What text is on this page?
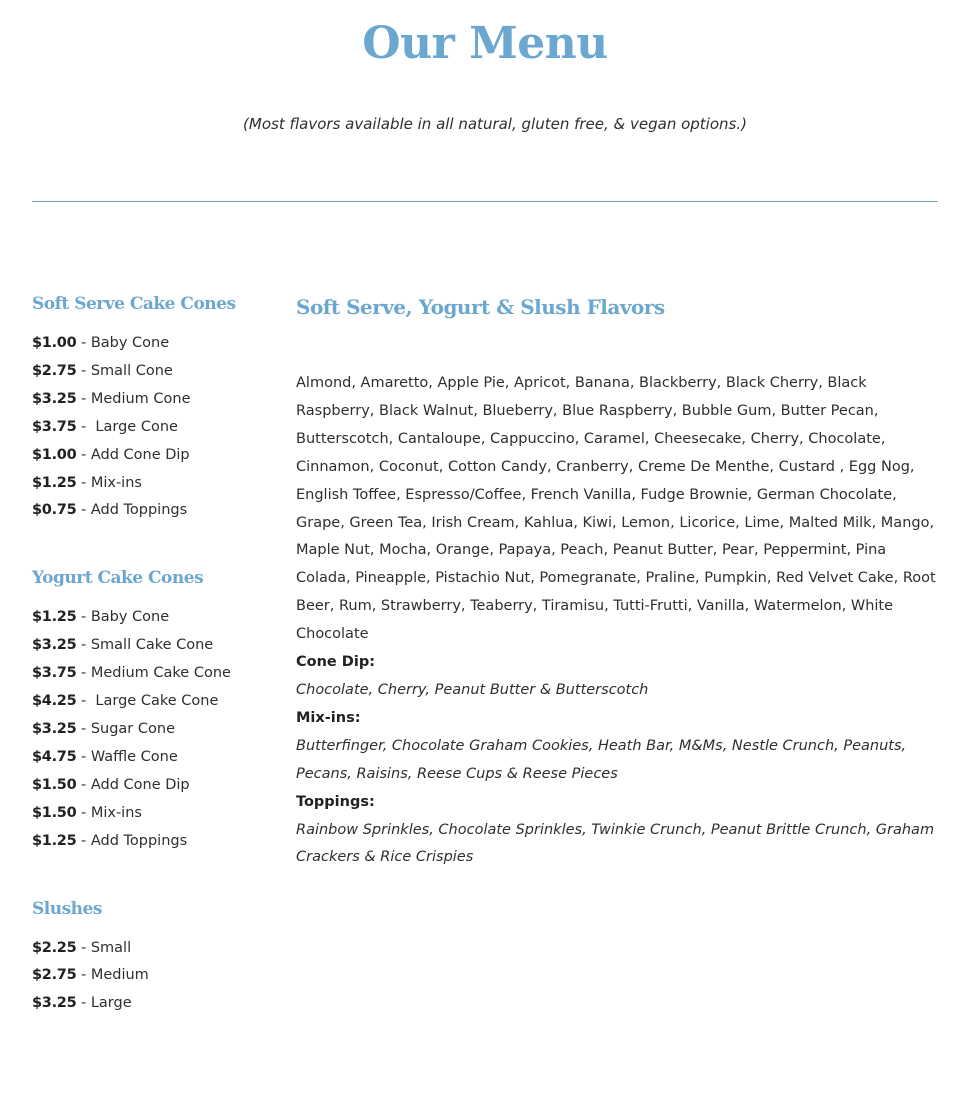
Our Menu

(Most flavors available in all natural, gluten free, & vegan options.)

Soft Serve Cake Cones
$1.00 - Baby Cone
$2.75 - Small Cone
$3.25 - Medium Cone
$3.75 -  Large Cone
$1.00 - Add Cone Dip
$1.25 - Mix-ins
$0.75 - Add Toppings
Yogurt Cake Cones
$1.25 - Baby Cone
$3.25 - Small Cake Cone
$3.75 - Medium Cake Cone
$4.25 -  Large Cake Cone
$3.25 - Sugar Cone
$4.75 - Waffle Cone
$1.50 - Add Cone Dip
$1.50 - Mix-ins
$1.25 - Add Toppings
Slushes
$2.25 - Small
$2.75 - Medium
$3.25 - Large
Soft Serve, Yogurt & Slush Flavors

Almond, Amaretto, Apple Pie, Apricot, Banana, Blackberry, Black Cherry, Black Raspberry, Black Walnut, Blueberry, Blue Raspberry, Bubble Gum, Butter Pecan, Butterscotch, Cantaloupe, Cappuccino, Caramel, Cheesecake, Cherry, Chocolate, Cinnamon, Coconut, Cotton Candy, Cranberry, Creme De Menthe, Custard , Egg Nog, English Toffee, Espresso/Coffee, French Vanilla, Fudge Brownie, German Chocolate, Grape, Green Tea, Irish Cream, Kahlua, Kiwi, Lemon, Licorice, Lime, Malted Milk, Mango, Maple Nut, Mocha, Orange, Papaya, Peach, Peanut Butter, Pear, Peppermint, Pina Colada, Pineapple, Pistachio Nut, Pomegranate, Praline, Pumpkin, Red Velvet Cake, Root Beer, Rum, Strawberry, Teaberry, Tiramisu, Tutti-Frutti, Vanilla, Watermelon, White Chocolate

Cone Dip:

Chocolate, Cherry, Peanut Butter & Butterscotch

Mix-ins:

Butterfinger, Chocolate Graham Cookies, Heath Bar, M&Ms, Nestle Crunch, Peanuts, Pecans, Raisins, Reese Cups & Reese Pieces

Toppings:

Rainbow Sprinkles, Chocolate Sprinkles, Twinkie Crunch, Peanut Brittle Crunch, Graham Crackers & Rice Crispies
